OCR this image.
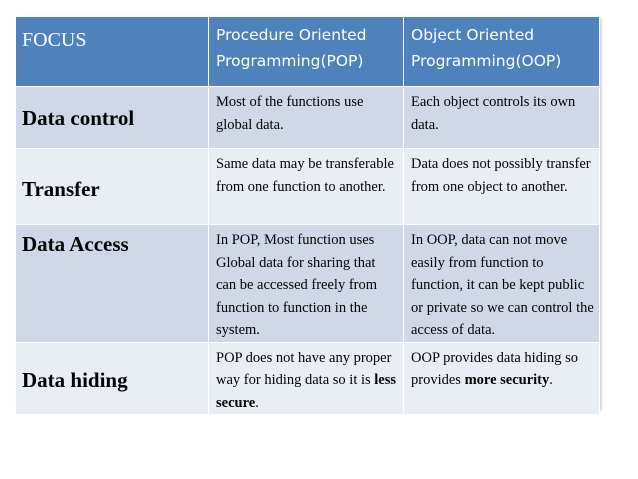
FOCUS	Procedure Oriented Programming(POP)	Object Oriented Programming(OOP)
Data control	Most of the functions use global data.	Each object controls its own data.
Transfer	Same data may be transferable from one function to another.	Data does not possibly transfer from one object to another.
Data Access	In POP, Most function uses Global data for sharing that can be accessed freely from function to function in the system.	In OOP, data can not move easily from function to function, it can be kept public or private so we can control the access of data.
Data hiding	POP does not have any proper way for hiding data so it is less secure.	OOP provides data hiding so provides more security.
